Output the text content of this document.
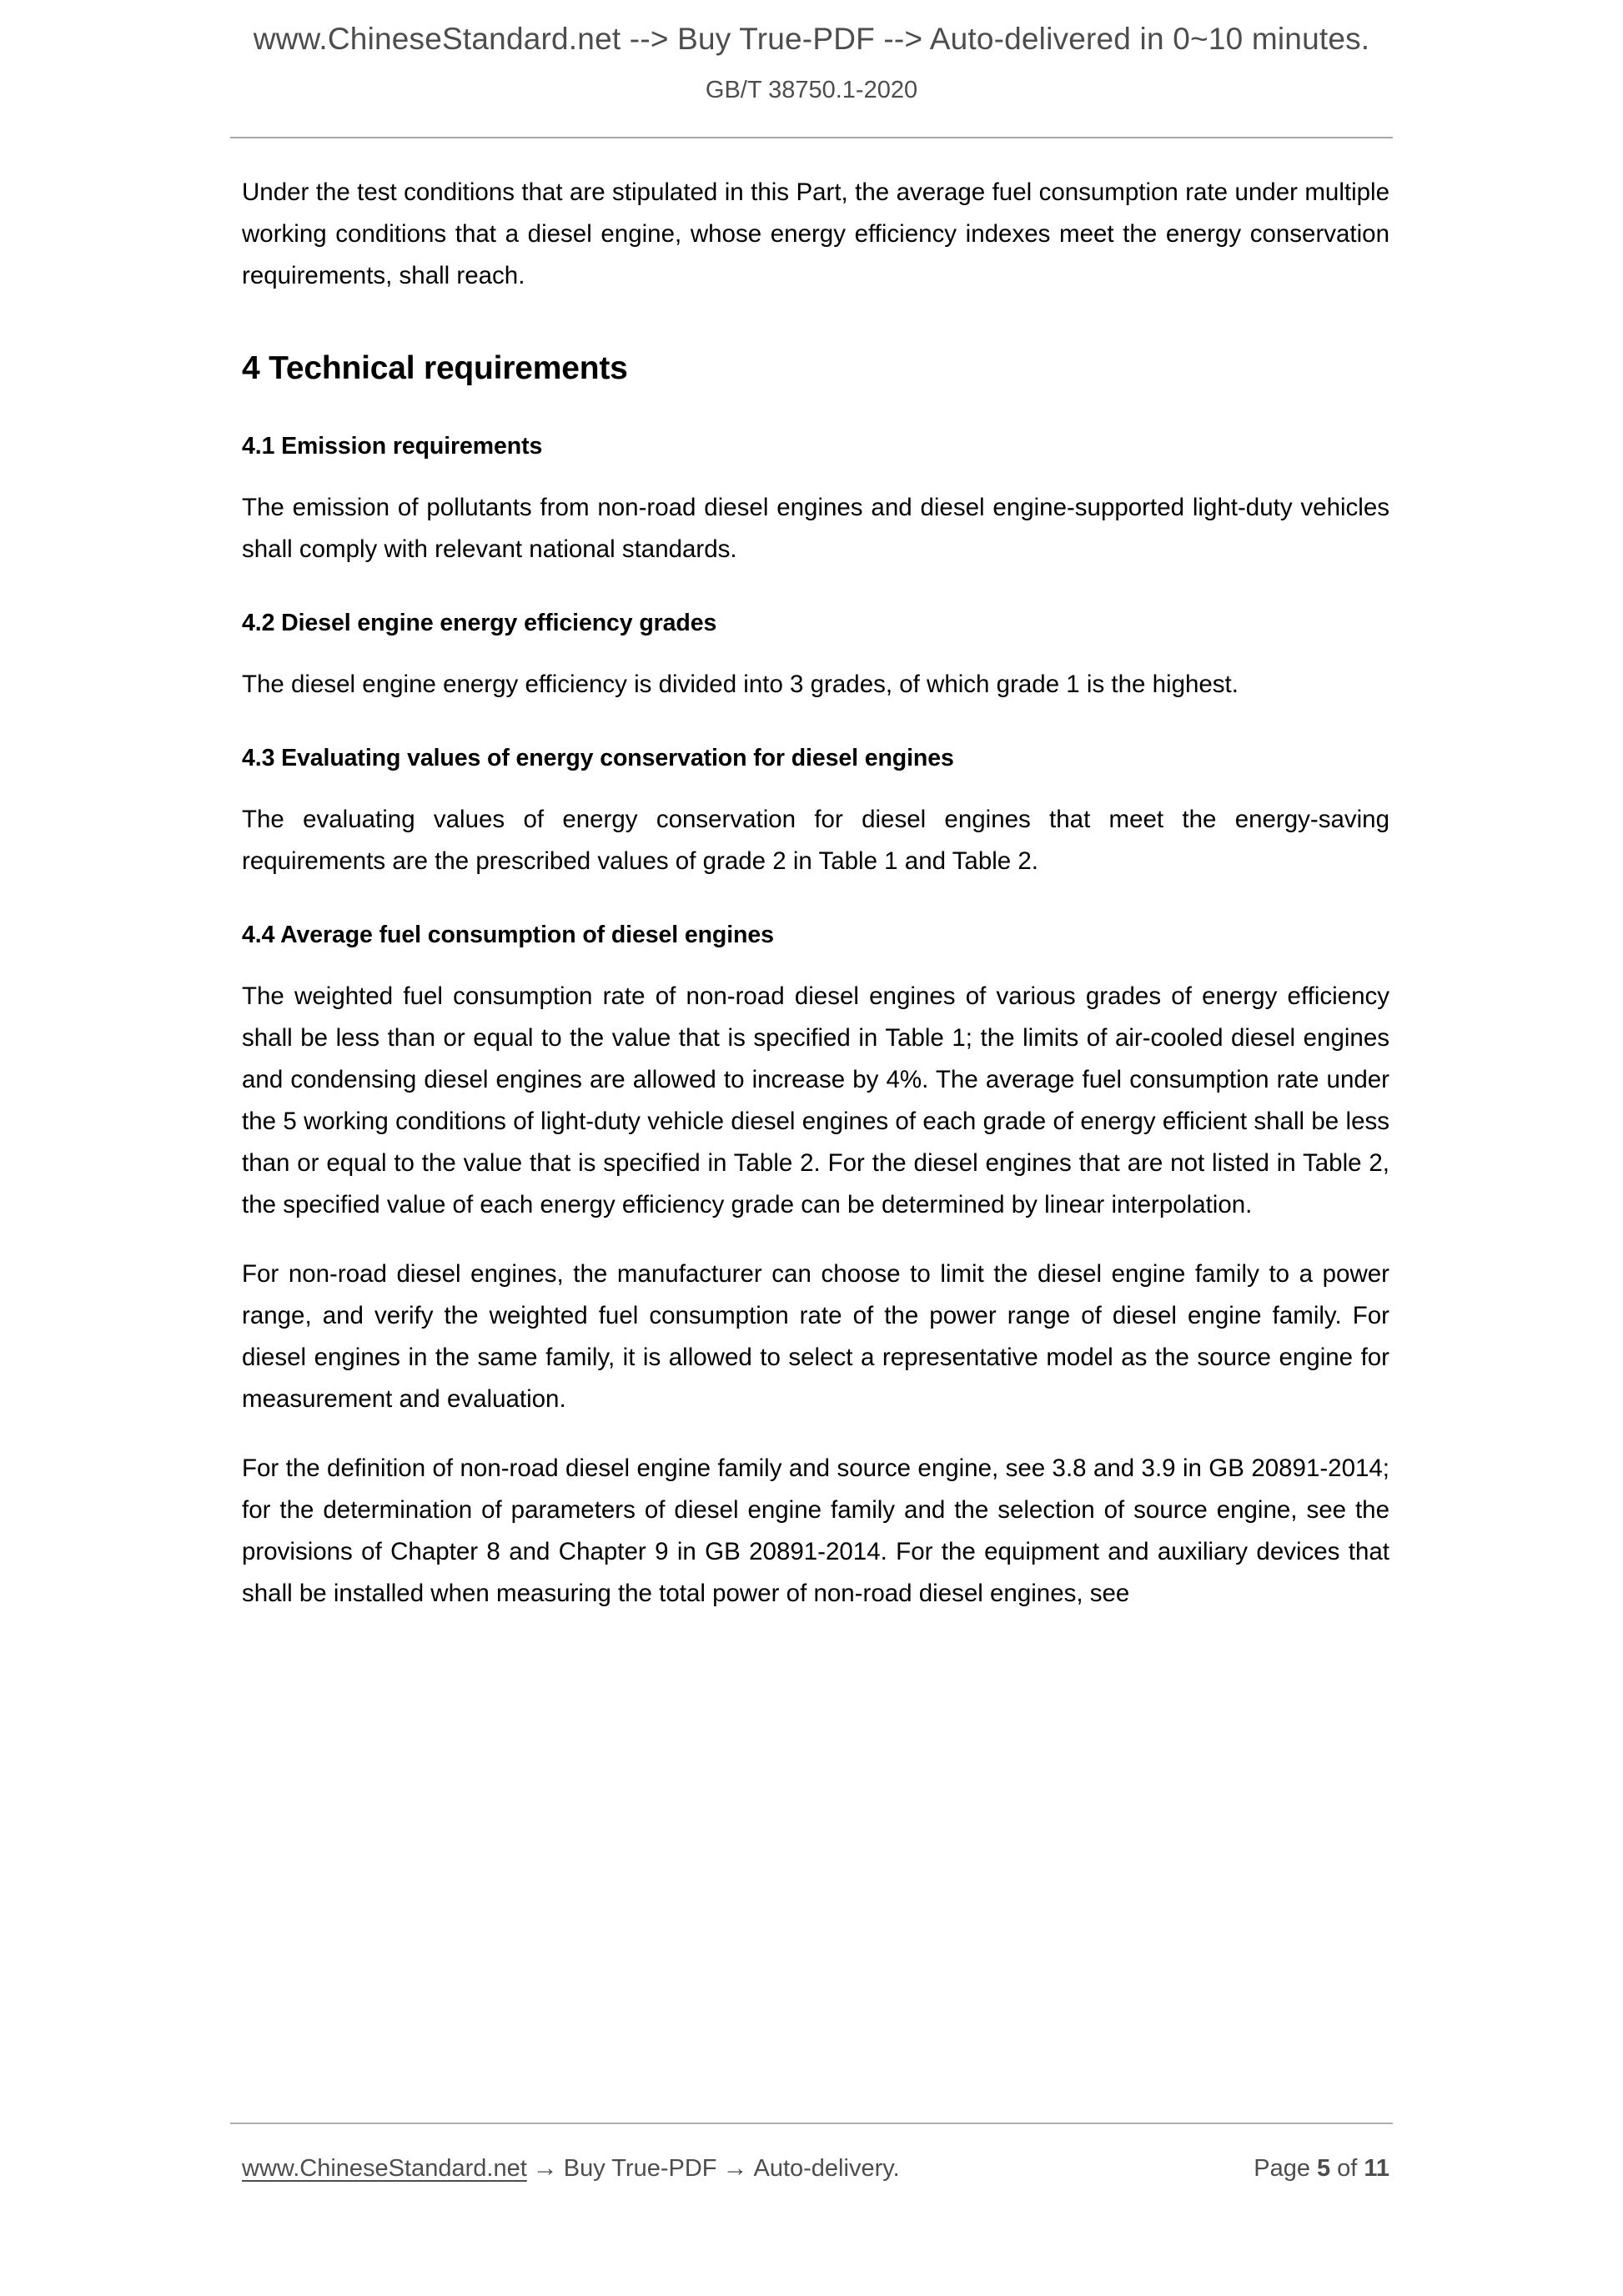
www.ChineseStandard.net --> Buy True-PDF --> Auto-delivered in 0~10 minutes.
GB/T 38750.1-2020

Under the test conditions that are stipulated in this Part, the average fuel consumption rate under multiple working conditions that a diesel engine, whose energy efficiency indexes meet the energy conservation requirements, shall reach.

4 Technical requirements
4.1 Emission requirements

The emission of pollutants from non-road diesel engines and diesel engine-supported light-duty vehicles shall comply with relevant national standards.

4.2 Diesel engine energy efficiency grades

The diesel engine energy efficiency is divided into 3 grades, of which grade 1 is the highest.

4.3 Evaluating values of energy conservation for diesel engines

The evaluating values of energy conservation for diesel engines that meet the energy-saving requirements are the prescribed values of grade 2 in Table 1 and Table 2.

4.4 Average fuel consumption of diesel engines

The weighted fuel consumption rate of non-road diesel engines of various grades of energy efficiency shall be less than or equal to the value that is specified in Table 1; the limits of air-cooled diesel engines and condensing diesel engines are allowed to increase by 4%. The average fuel consumption rate under the 5 working conditions of light-duty vehicle diesel engines of each grade of energy efficient shall be less than or equal to the value that is specified in Table 2. For the diesel engines that are not listed in Table 2, the specified value of each energy efficiency grade can be determined by linear interpolation.

For non-road diesel engines, the manufacturer can choose to limit the diesel engine family to a power range, and verify the weighted fuel consumption rate of the power range of diesel engine family. For diesel engines in the same family, it is allowed to select a representative model as the source engine for measurement and evaluation.

For the definition of non-road diesel engine family and source engine, see 3.8 and 3.9 in GB 20891-2014; for the determination of parameters of diesel engine family and the selection of source engine, see the provisions of Chapter 8 and Chapter 9 in GB 20891-2014. For the equipment and auxiliary devices that shall be installed when measuring the total power of non-road diesel engines, see

www.ChineseStandard.net → Buy True-PDF → Auto-delivery.	Page 5 of 11
